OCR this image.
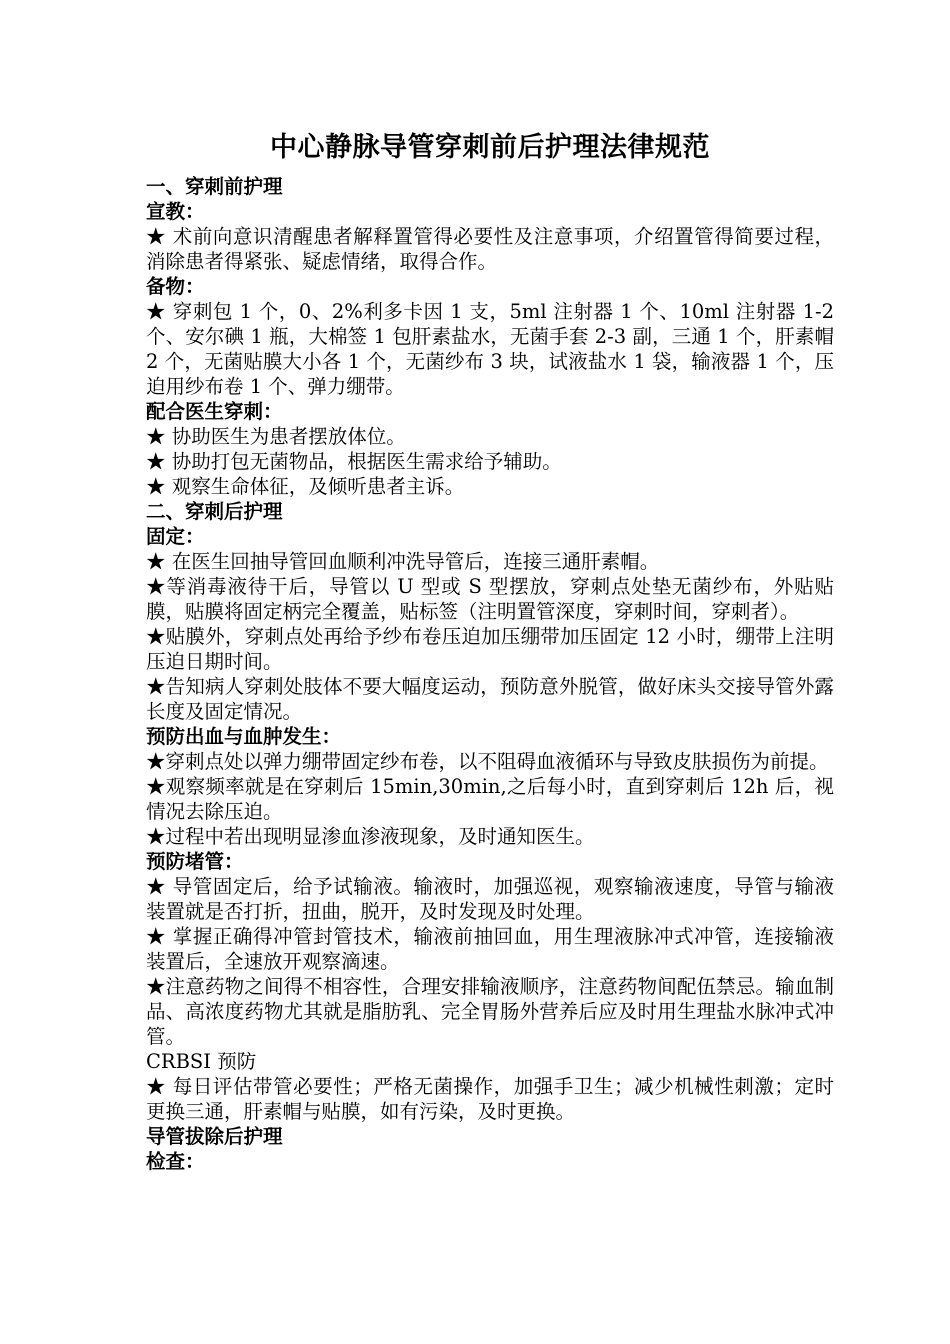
中心静脉导管穿刺前后护理法律规范

一、穿刺前护理

宣教：

★ 术前向意识清醒患者解释置管得必要性及注意事项，介绍置管得简要过程，消除患者得紧张、疑虑情绪，取得合作。

备物：

★ 穿刺包 1 个，0、2%利多卡因 1 支，5ml 注射器 1 个、10ml 注射器 1-2 个、安尔碘 1 瓶，大棉签 1 包肝素盐水，无菌手套 2-3 副，三通 1 个，肝素帽 2 个，无菌贴膜大小各 1 个，无菌纱布 3 块，试液盐水 1 袋，输液器 1 个，压迫用纱布卷 1 个、弹力绷带。

配合医生穿刺：

★ 协助医生为患者摆放体位。

★ 协助打包无菌物品，根据医生需求给予辅助。

★ 观察生命体征，及倾听患者主诉。

二、穿刺后护理

固定：

★ 在医生回抽导管回血顺利冲洗导管后，连接三通肝素帽。

★等消毒液待干后，导管以 U 型或 S 型摆放，穿刺点处垫无菌纱布，外贴贴膜，贴膜将固定柄完全覆盖，贴标签（注明置管深度，穿刺时间，穿刺者）。

★贴膜外，穿刺点处再给予纱布卷压迫加压绷带加压固定 12 小时，绷带上注明压迫日期时间。

★告知病人穿刺处肢体不要大幅度运动，预防意外脱管，做好床头交接导管外露长度及固定情况。

预防出血与血肿发生：

★穿刺点处以弹力绷带固定纱布卷，以不阻碍血液循环与导致皮肤损伤为前提。

★观察频率就是在穿刺后 15min,30min,之后每小时，直到穿刺后 12h 后，视情况去除压迫。

★过程中若出现明显渗血渗液现象，及时通知医生。

预防堵管：

★ 导管固定后，给予试输液。输液时，加强巡视，观察输液速度，导管与输液装置就是否打折，扭曲，脱开，及时发现及时处理。

★ 掌握正确得冲管封管技术，输液前抽回血，用生理液脉冲式冲管，连接输液装置后，全速放开观察滴速。

★注意药物之间得不相容性，合理安排输液顺序，注意药物间配伍禁忌。输血制品、高浓度药物尤其就是脂肪乳、完全胃肠外营养后应及时用生理盐水脉冲式冲管。

CRBSI 预防

★ 每日评估带管必要性；严格无菌操作，加强手卫生；减少机械性刺激；定时更换三通，肝素帽与贴膜，如有污染，及时更换。

导管拔除后护理

检查：
